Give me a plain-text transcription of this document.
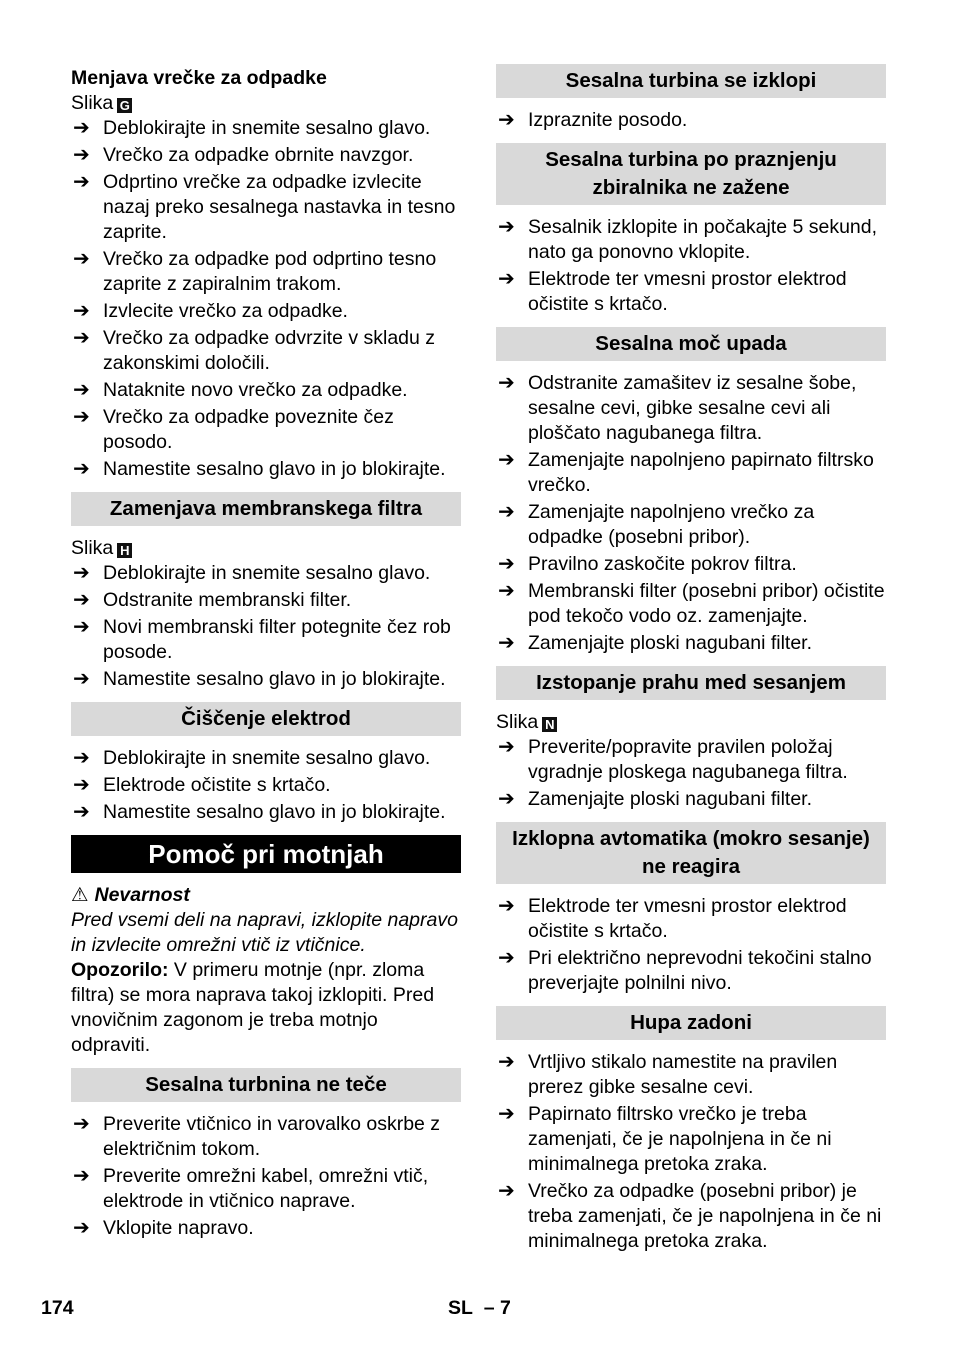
Menjava vrečke za odpadke
Slika G
➔ Deblokirajte in snemite sesalno glavo.
➔ Vrečko za odpadke obrnite navzgor.
➔ Odprtino vrečke za odpadke izvlecite nazaj preko sesalnega nastavka in tesno zaprite.
➔ Vrečko za odpadke pod odprtino tesno zaprite z zapiralnim trakom.
➔ Izvlecite vrečko za odpadke.
➔ Vrečko za odpadke odvrzite v skladu z zakonskimi določili.
➔ Nataknite novo vrečko za odpadke.
➔ Vrečko za odpadke poveznite čez posodo.
➔ Namestite sesalno glavo in jo blokirajte.
Zamenjava membranskega filtra
Slika H
➔ Deblokirajte in snemite sesalno glavo.
➔ Odstranite membranski filter.
➔ Novi membranski filter potegnite čez rob posode.
➔ Namestite sesalno glavo in jo blokirajte.
Čiščenje elektrod
➔ Deblokirajte in snemite sesalno glavo.
➔ Elektrode očistite s krtačo.
➔ Namestite sesalno glavo in jo blokirajte.
Pomoč pri motnjah
⚠ Nevarnost
Pred vsemi deli na napravi, izklopite napravo in izvlecite omrežni vtič iz vtičnice.
Opozorilo: V primeru motnje (npr. zloma filtra) se mora naprava takoj izklopiti. Pred vnovičnim zagonom je treba motnjo odpraviti.
Sesalna turbnina ne teče
➔ Preverite vtičnico in varovalko oskrbe z električnim tokom.
➔ Preverite omrežni kabel, omrežni vtič, elektrode in vtičnico naprave.
➔ Vklopite napravo.
Sesalna turbina se izklopi
➔ Izpraznite posodo.
Sesalna turbina po praznjenju zbiralnika ne zažene
➔ Sesalnik izklopite in počakajte 5 sekund, nato ga ponovno vklopite.
➔ Elektrode ter vmesni prostor elektrod očistite s krtačo.
Sesalna moč upada
➔ Odstranite zamašitev iz sesalne šobe, sesalne cevi, gibke sesalne cevi ali ploščato nagubanega filtra.
➔ Zamenjajte napolnjeno papirnato filtrsko vrečko.
➔ Zamenjajte napolnjeno vrečko za odpadke (posebni pribor).
➔ Pravilno zaskočite pokrov filtra.
➔ Membranski filter (posebni pribor) očistite pod tekočo vodo oz. zamenjajte.
➔ Zamenjajte ploski nagubani filter.
Izstopanje prahu med sesanjem
Slika N
➔ Preverite/popravite pravilen položaj vgradnje ploskega nagubanega filtra.
➔ Zamenjajte ploski nagubani filter.
Izklopna avtomatika (mokro sesanje) ne reagira
➔ Elektrode ter vmesni prostor elektrod očistite s krtačo.
➔ Pri električno neprevodni tekočini stalno preverjajte polnilni nivo.
Hupa zadoni
➔ Vrtljivo stikalo namestite na pravilen prerez gibke sesalne cevi.
➔ Papirnato filtrsko vrečko je treba zamenjati, če je napolnjena in če ni minimalnega pretoka zraka.
➔ Vrečko za odpadke (posebni pribor) je treba zamenjati, če je napolnjena in če ni minimalnega pretoka zraka.
174	SL – 7
